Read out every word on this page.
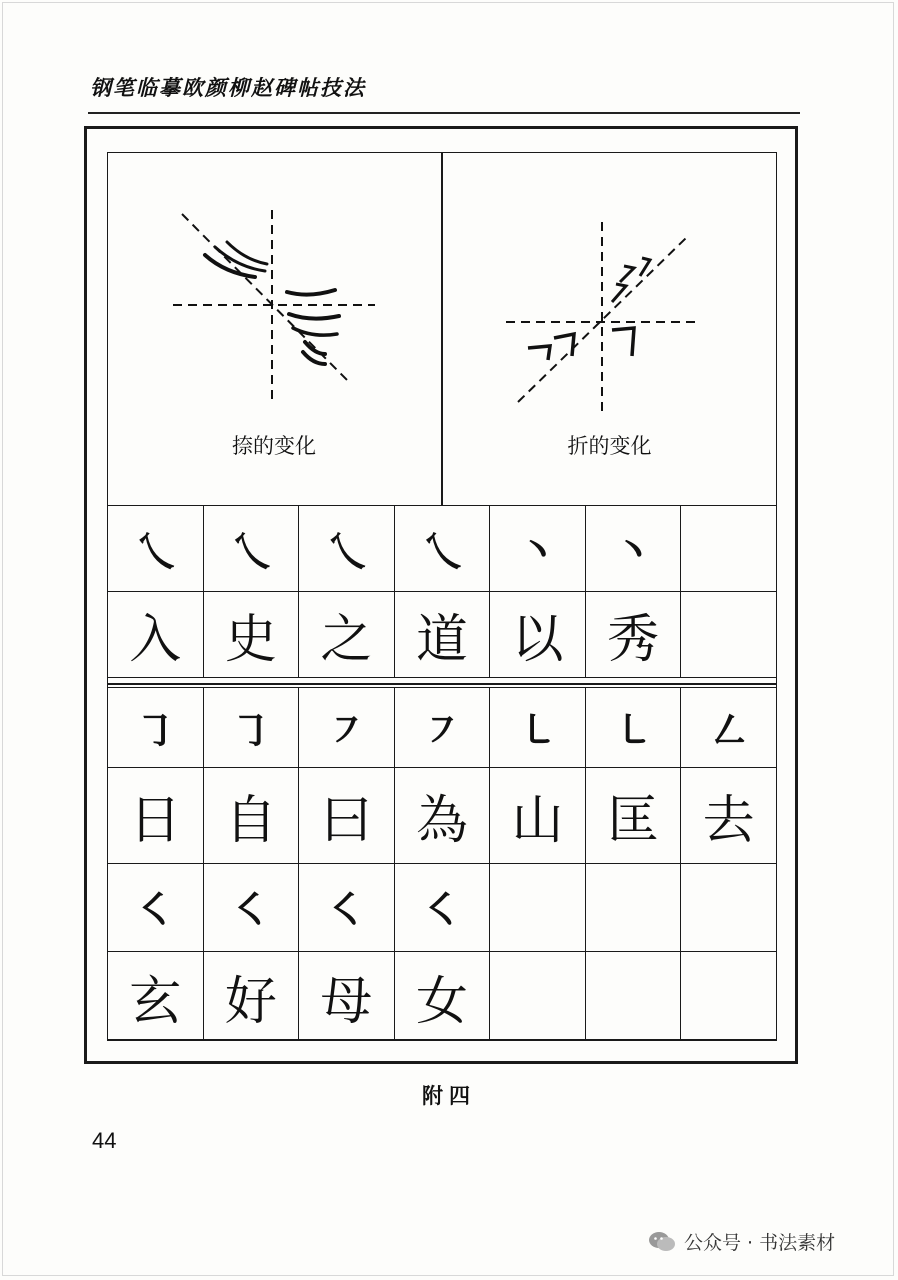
钢笔临摹欧颜柳赵碑帖技法
捺的变化	折的变化
乀	乀	乀	乀	丶	丶	
入	史	之	道	以	秀	
㇆	㇆	㇇	㇇	㇄	㇄	㇜
日	自	曰	為	山	匡	去
㇛	㇛	㇛	㇛			
玄	好	母	女			
附四
44
公众号 · 书法素材
